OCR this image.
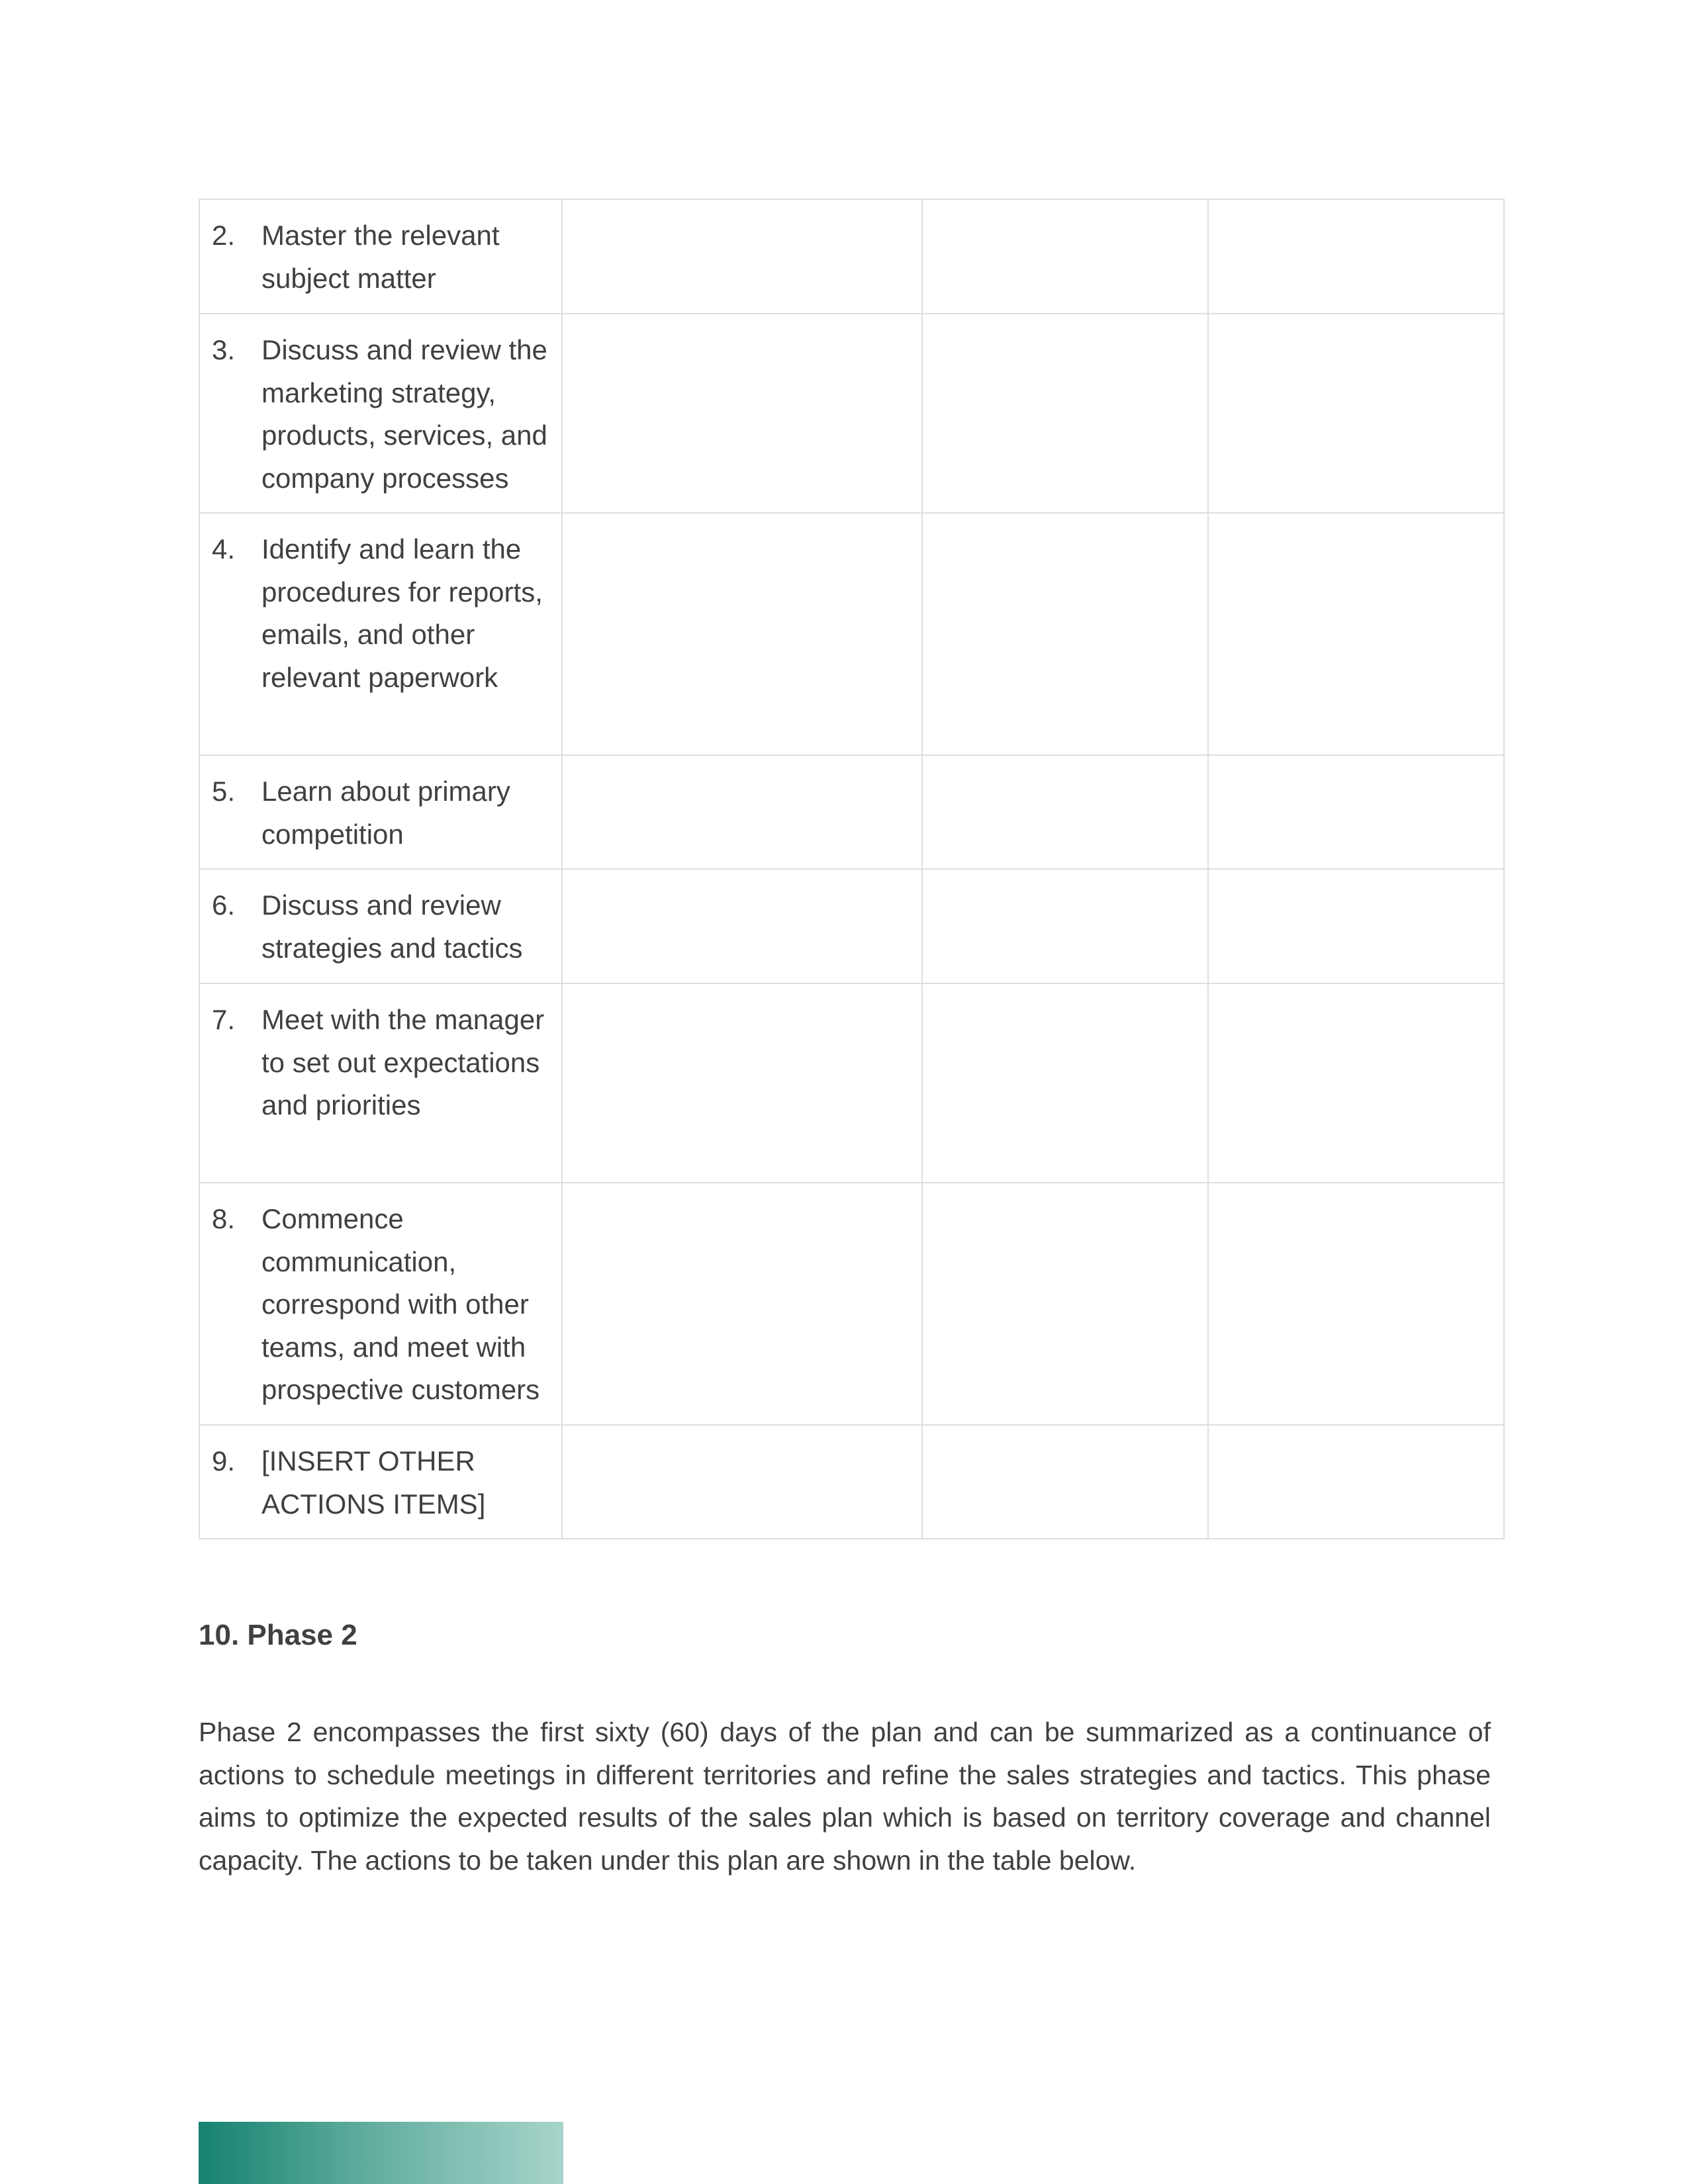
2. Master the relevant subject matter			

3. Discuss and review the marketing strategy, products, services, and company processes			

4. Identify and learn the procedures for reports, emails, and other relevant paperwork			

5. Learn about primary competition			

6. Discuss and review strategies and tactics			

7. Meet with the manager to set out expectations and priorities			

8. Commence communication, correspond with other teams, and meet with prospective customers			

9. [INSERT OTHER ACTIONS ITEMS]			

10. Phase 2

Phase 2 encompasses the first sixty (60) days of the plan and can be summarized as a continuance of actions to schedule meetings in different territories and refine the sales strategies and tactics. This phase aims to optimize the expected results of the sales plan which is based on territory coverage and channel capacity. The actions to be taken under this plan are shown in the table below.
